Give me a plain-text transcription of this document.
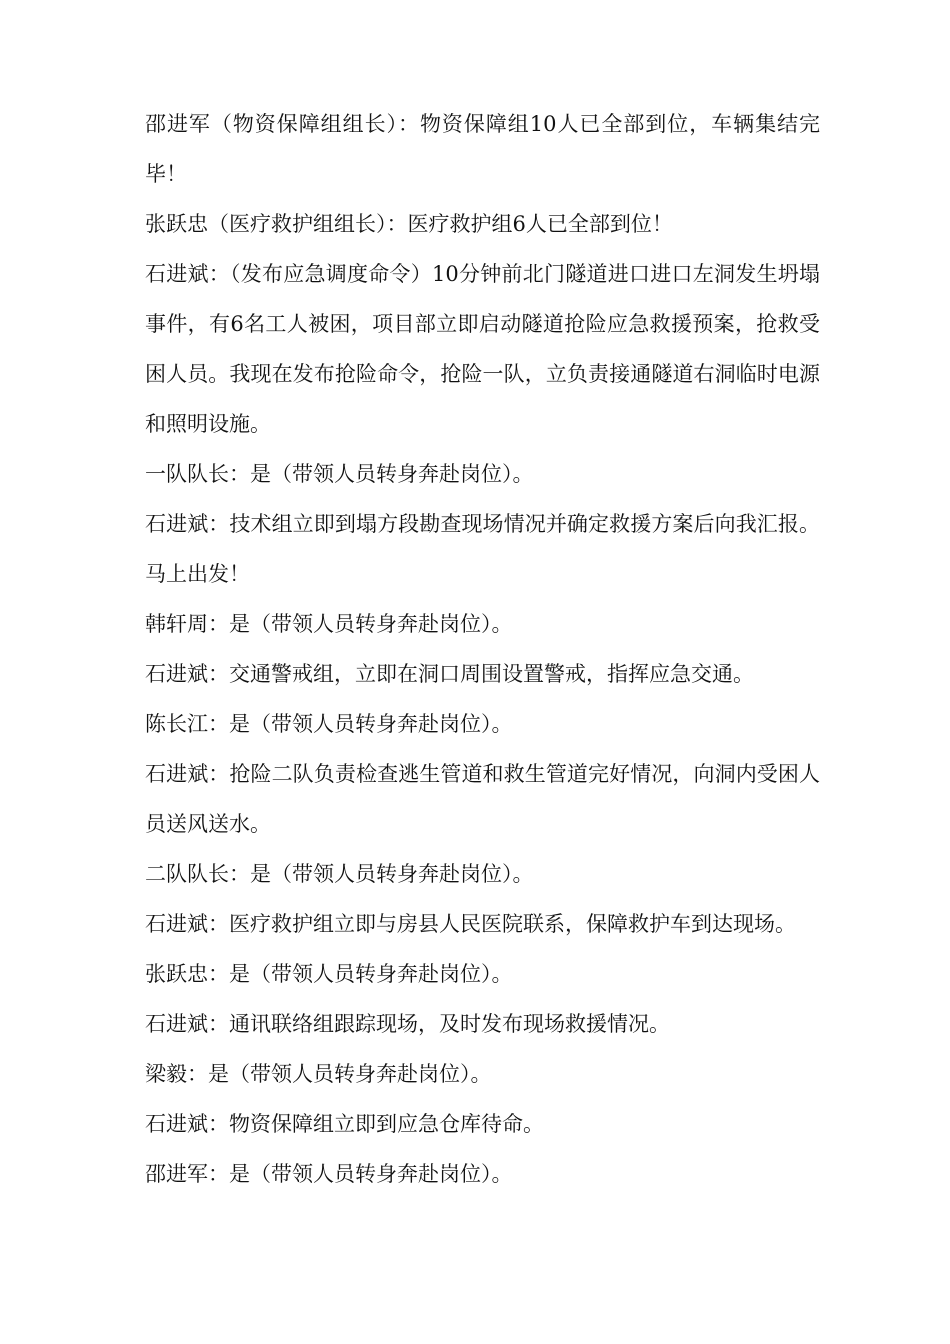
邵进军（物资保障组组长）：物资保障组10人已全部到位，车辆集结完毕！

张跃忠（医疗救护组组长）：医疗救护组6人已全部到位！

石进斌：（发布应急调度命令）10分钟前北门隧道进口进口左洞发生坍塌事件，有6名工人被困，项目部立即启动隧道抢险应急救援预案，抢救受困人员。我现在发布抢险命令，抢险一队，立负责接通隧道右洞临时电源和照明设施。

一队队长：是（带领人员转身奔赴岗位）。

石进斌：技术组立即到塌方段勘查现场情况并确定救援方案后向我汇报。马上出发！

韩轩周：是（带领人员转身奔赴岗位）。

石进斌：交通警戒组，立即在洞口周围设置警戒，指挥应急交通。

陈长江：是（带领人员转身奔赴岗位）。

石进斌：抢险二队负责检查逃生管道和救生管道完好情况，向洞内受困人员送风送水。

二队队长：是（带领人员转身奔赴岗位）。

石进斌：医疗救护组立即与房县人民医院联系，保障救护车到达现场。

张跃忠：是（带领人员转身奔赴岗位）。

石进斌：通讯联络组跟踪现场，及时发布现场救援情况。

梁毅：是（带领人员转身奔赴岗位）。

石进斌：物资保障组立即到应急仓库待命。

邵进军：是（带领人员转身奔赴岗位）。
